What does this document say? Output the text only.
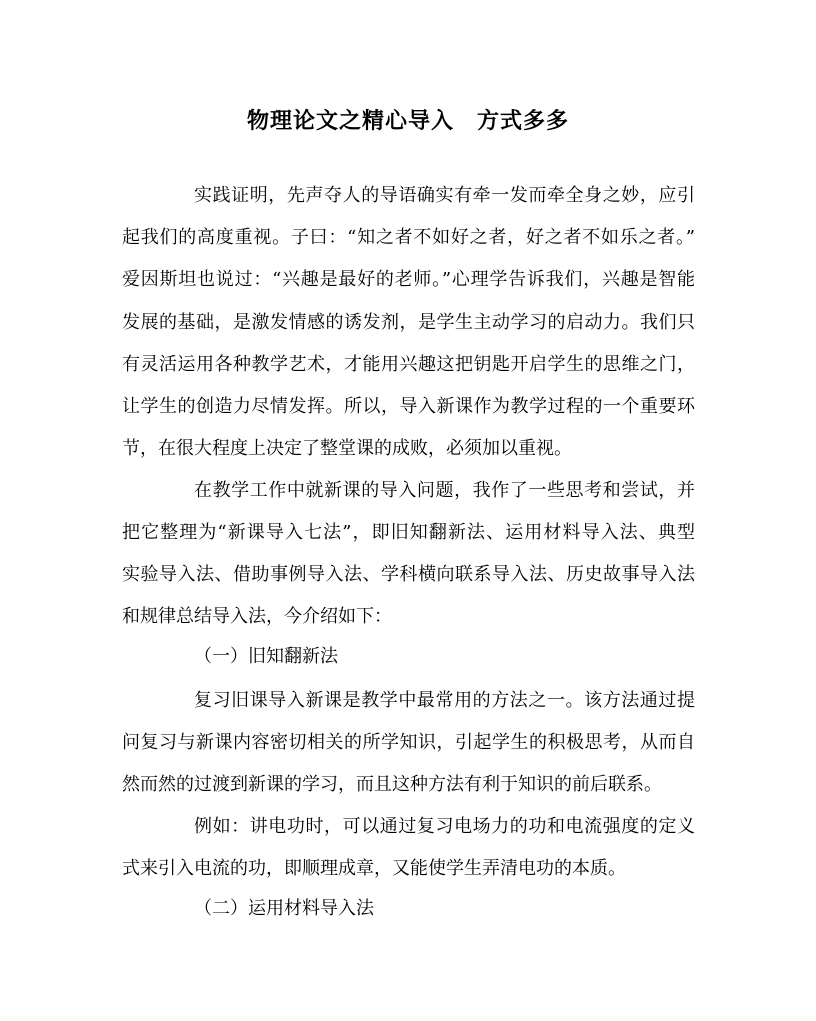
物理论文之精心导入　方式多多
实践证明，先声夺人的导语确实有牵一发而牵全身之妙，应引
起我们的高度重视。子曰：“知之者不如好之者，好之者不如乐之者。”
爱因斯坦也说过：“兴趣是最好的老师。”心理学告诉我们，兴趣是智能
发展的基础，是激发情感的诱发剂，是学生主动学习的启动力。我们只
有灵活运用各种教学艺术，才能用兴趣这把钥匙开启学生的思维之门，
让学生的创造力尽情发挥。所以，导入新课作为教学过程的一个重要环
节，在很大程度上决定了整堂课的成败，必须加以重视。
在教学工作中就新课的导入问题，我作了一些思考和尝试，并
把它整理为“新课导入七法”，即旧知翻新法、运用材料导入法、典型
实验导入法、借助事例导入法、学科横向联系导入法、历史故事导入法
和规律总结导入法，今介绍如下：
（一）旧知翻新法
复习旧课导入新课是教学中最常用的方法之一。该方法通过提
问复习与新课内容密切相关的所学知识，引起学生的积极思考，从而自
然而然的过渡到新课的学习，而且这种方法有利于知识的前后联系。
例如：讲电功时，可以通过复习电场力的功和电流强度的定义
式来引入电流的功，即顺理成章，又能使学生弄清电功的本质。
（二）运用材料导入法
